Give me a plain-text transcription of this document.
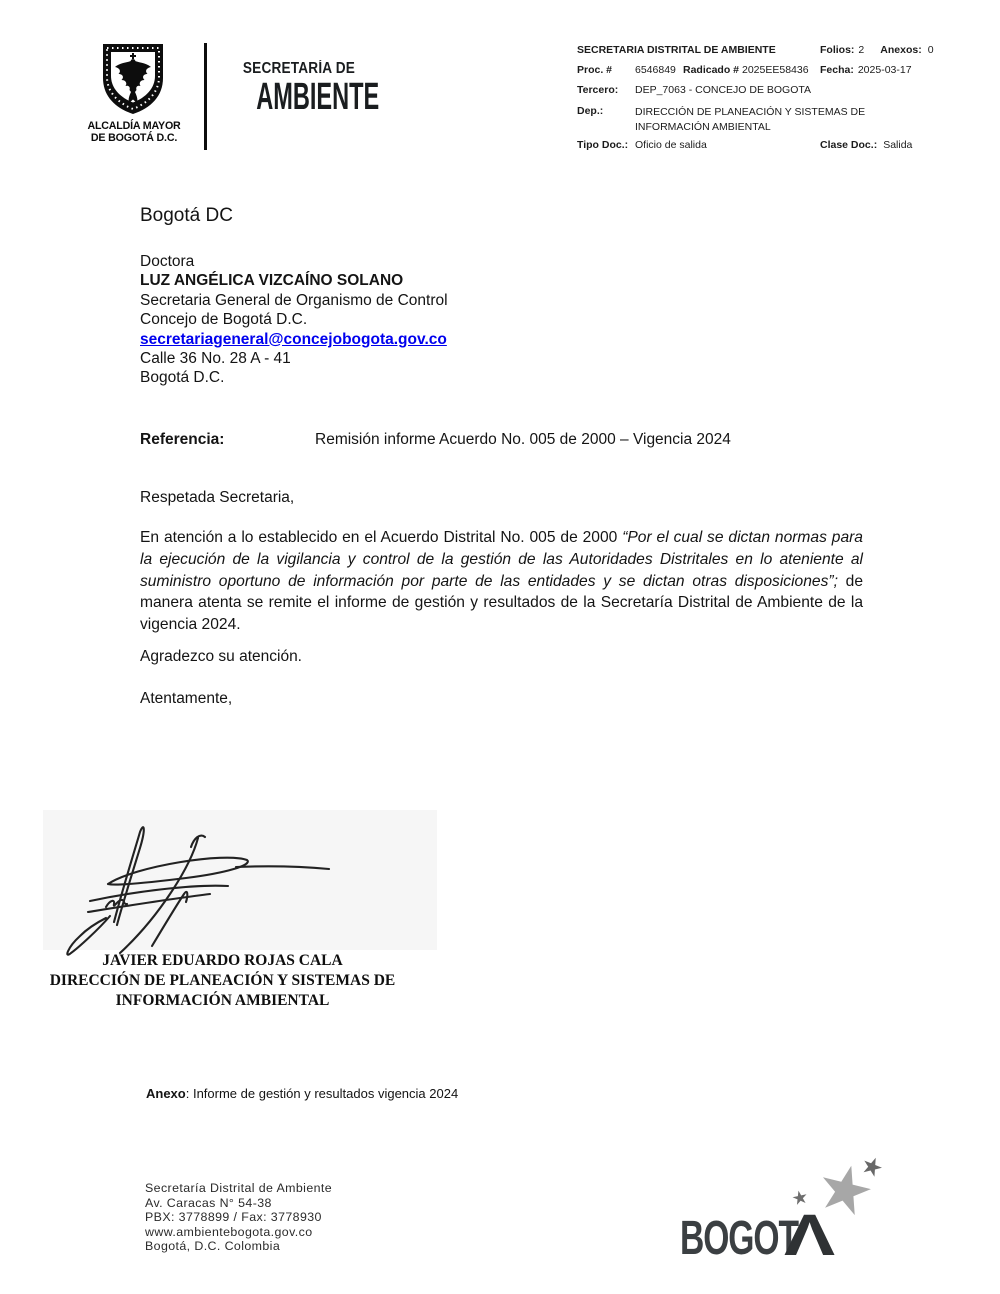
ALCALDÍA MAYOR
DE BOGOTÁ D.C.
SECRETARÍA DE
AMBIENTE
SECRETARIA DISTRITAL DE AMBIENTE	Folios: 2 Anexos: 0
Proc. # 6546849 Radicado # 2025EE58436 Fecha: 2025-03-17
Tercero: DEP_7063 - CONCEJO DE BOGOTA
Dep.:	DIRECCIÓN DE PLANEACIÓN Y SISTEMAS DE INFORMACIÓN AMBIENTAL
Tipo Doc.: Oficio de salida	Clase Doc.: Salida
Bogotá DC
Doctora
LUZ ANGÉLICA VIZCAÍNO SOLANO
Secretaria General de Organismo de Control
Concejo de Bogotá D.C.
secretariageneral@concejobogota.gov.co
Calle 36 No. 28 A - 41
Bogotá D.C.
Referencia:	Remisión informe Acuerdo No. 005 de 2000 – Vigencia 2024
Respetada Secretaria,
En atención a lo establecido en el Acuerdo Distrital No. 005 de 2000 “Por el cual se dictan normas para la ejecución de la vigilancia y control de la gestión de las Autoridades Distritales en lo ateniente al suministro oportuno de información por parte de las entidades y se dictan otras disposiciones”; de manera atenta se remite el informe de gestión y resultados de la Secretaría Distrital de Ambiente de la vigencia 2024.
Agradezco su atención.
Atentamente,
JAVIER EDUARDO ROJAS CALA
DIRECCIÓN DE PLANEACIÓN Y SISTEMAS DE
INFORMACIÓN AMBIENTAL
Anexo: Informe de gestión y resultados vigencia 2024
Secretaría Distrital de Ambiente
Av. Caracas N° 54-38
PBX: 3778899 / Fax: 3778930
www.ambientebogota.gov.co
Bogotá, D.C. Colombia	BOGOT
Λ
